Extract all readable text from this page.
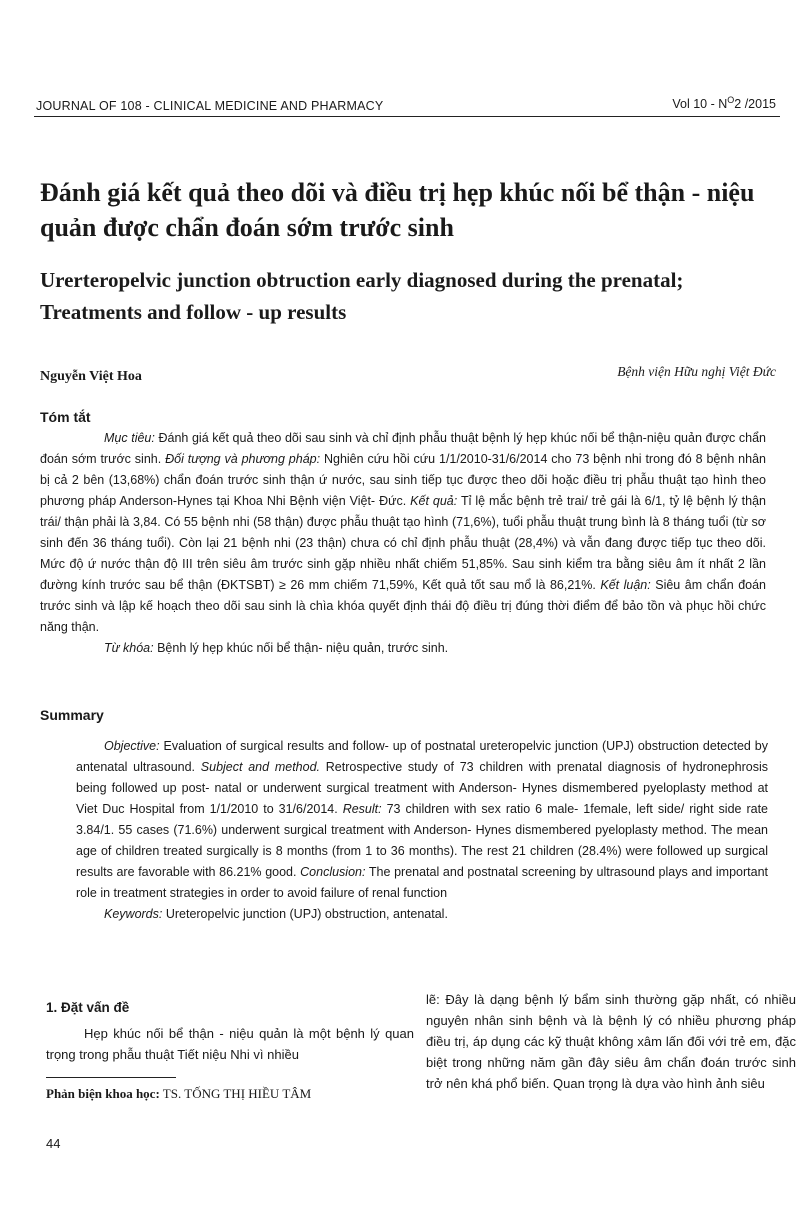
JOURNAL OF 108 - CLINICAL MEDICINE AND PHARMACY	Vol $10 - N^O2$ /2015
Đánh giá kết quả theo dõi và điều trị hẹp khúc nối bể thận - niệu quản được chẩn đoán sớm trước sinh
Urerteropelvic junction obtruction early diagnosed during the prenatal;
Treatments and follow - up results
Nguyễn Việt Hoa	Bệnh viện Hữu nghị Việt Đức
Tóm tắt

Mục tiêu: Đánh giá kết quả theo dõi sau sinh và chỉ định phẫu thuật bệnh lý hẹp khúc nối bể thận-niệu quản được chẩn đoán sớm trước sinh. Đối tượng và phương pháp: Nghiên cứu hồi cứu 1/1/2010-31/6/2014 cho 73 bệnh nhi trong đó 8 bệnh nhân bị cả 2 bên (13,68%) chẩn đoán trước sinh thận ứ nước, sau sinh tiếp tục được theo dõi hoặc điều trị phẫu thuật tạo hình theo phương pháp Anderson-Hynes tại Khoa Nhi Bệnh viện Việt- Đức. Kết quả: Tỉ lệ mắc bệnh trẻ trai/ trẻ gái là 6/1, tỷ lệ bệnh lý thận trái/ thận phải là 3,84. Có 55 bệnh nhi (58 thận) được phẫu thuật tạo hình (71,6%), tuổi phẫu thuật trung bình là 8 tháng tuổi (từ sơ sinh đến 36 tháng tuổi). Còn lại 21 bệnh nhi (23 thận) chưa có chỉ định phẫu thuật (28,4%) và vẫn đang được tiếp tục theo dõi. Mức độ ứ nước thận độ III trên siêu âm trước sinh gặp nhiều nhất chiếm 51,85%. Sau sinh kiểm tra bằng siêu âm ít nhất 2 lần đường kính trước sau bể thận (ĐKTSBT) ≥ 26 mm chiếm 71,59%, Kết quả tốt sau mổ là 86,21%. Kết luận: Siêu âm chẩn đoán trước sinh và lập kế hoạch theo dõi sau sinh là chìa khóa quyết định thái độ điều trị đúng thời điểm để bảo tồn và phục hồi chức năng thận.

Từ khóa: Bệnh lý hẹp khúc nối bể thận- niệu quản, trước sinh.

Summary

Objective: Evaluation of surgical results and follow- up of postnatal ureteropelvic junction (UPJ) obstruction detected by antenatal ultrasound. Subject and method. Retrospective study of 73 children with prenatal diagnosis of hydronephrosis being followed up post- natal or underwent surgical treatment with Anderson- Hynes dismembered pyeloplasty method at Viet Duc Hospital from 1/1/2010 to 31/6/2014. Result: 73 children with sex ratio 6 male- 1female, left side/ right side rate 3.84/1. 55 cases (71.6%) underwent surgical treatment with Anderson- Hynes dismembered pyeloplasty method. The mean age of children treated surgically is 8 months (from 1 to 36 months). The rest 21 children (28.4%) were followed up surgical results are favorable with 86.21% good. Conclusion: The prenatal and postnatal screening by ultrasound plays and important role in treatment strategies in order to avoid failure of renal function

Keywords: Ureteropelvic junction (UPJ) obstruction, antenatal.

1. Đặt vấn đề

Hẹp khúc nối bể thận - niệu quản là một bệnh lý quan trọng trong phẫu thuật Tiết niệu Nhi vì nhiều

lẽ: Đây là dạng bệnh lý bẩm sinh thường gặp nhất, có nhiều nguyên nhân sinh bệnh và là bệnh lý có nhiều phương pháp điều trị, áp dụng các kỹ thuật không xâm lấn đối với trẻ em, đặc biệt trong những năm gần đây siêu âm chẩn đoán trước sinh trở nên khá phổ biến. Quan trọng là dựa vào hình ảnh siêu

Phản biện khoa học: TS. TỐNG THỊ HIỀU TÂM
44
